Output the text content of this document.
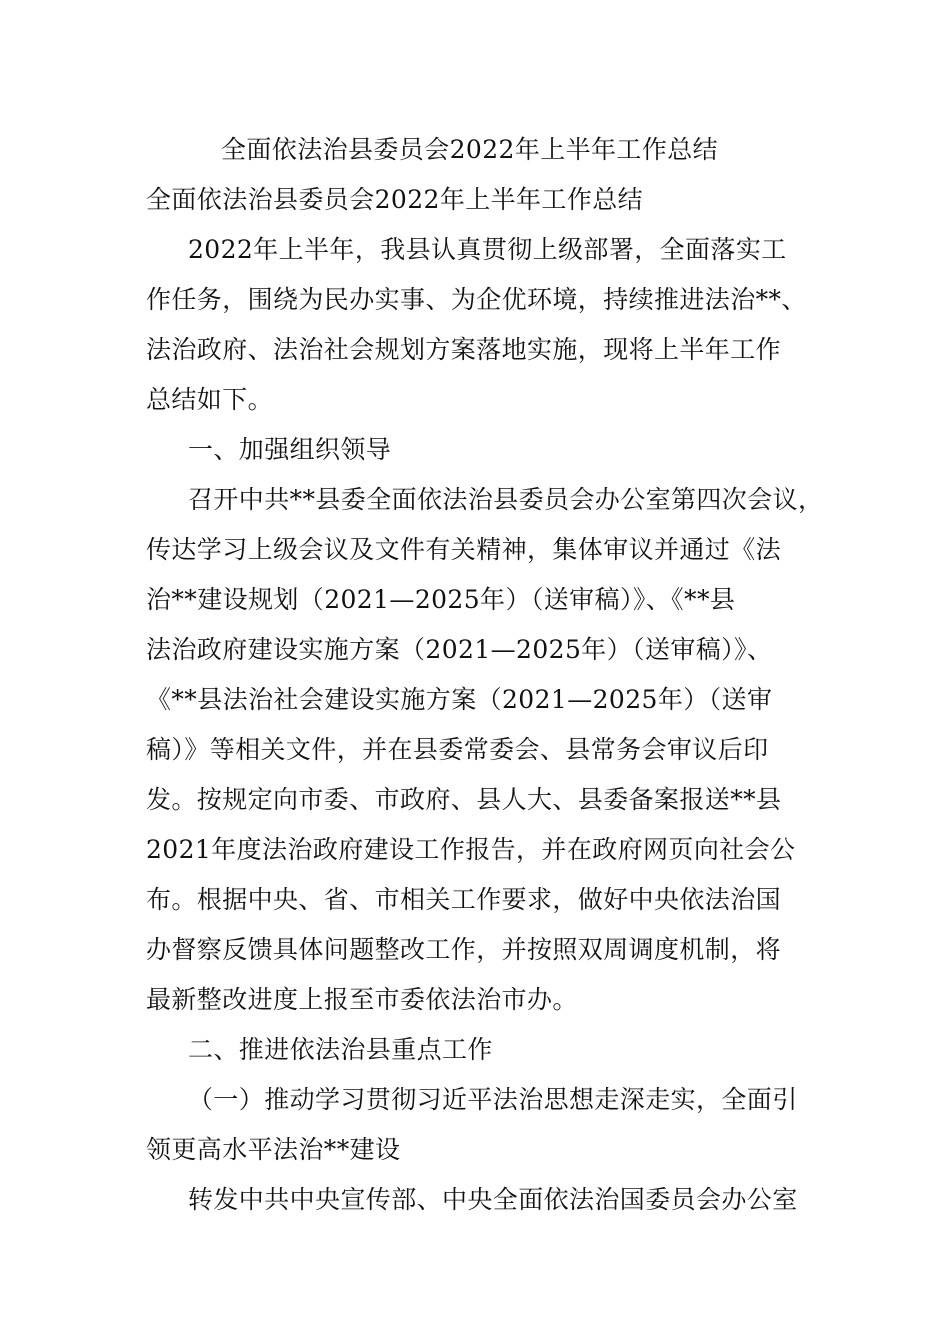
全面依法治县委员会2022年上半年工作总结

全面依法治县委员会2022年上半年工作总结

2022年上半年，我县认真贯彻上级部署，全面落实工

作任务，围绕为民办实事、为企优环境，持续推进法治**、

法治政府、法治社会规划方案落地实施，现将上半年工作

总结如下。

一、加强组织领导

召开中共**县委全面依法治县委员会办公室第四次会议，

传达学习上级会议及文件有关精神，集体审议并通过《法

治**建设规划（2021—2025年）（送审稿）》、《**县

法治政府建设实施方案（2021—2025年）（送审稿）》、

《**县法治社会建设实施方案（2021—2025年）（送审

稿）》等相关文件，并在县委常委会、县常务会审议后印

发。按规定向市委、市政府、县人大、县委备案报送**县

2021年度法治政府建设工作报告，并在政府网页向社会公

布。根据中央、省、市相关工作要求，做好中央依法治国

办督察反馈具体问题整改工作，并按照双周调度机制，将

最新整改进度上报至市委依法治市办。

二、推进依法治县重点工作

（一）推动学习贯彻习近平法治思想走深走实，全面引

领更高水平法治**建设

转发中共中央宣传部、中央全面依法治国委员会办公室
